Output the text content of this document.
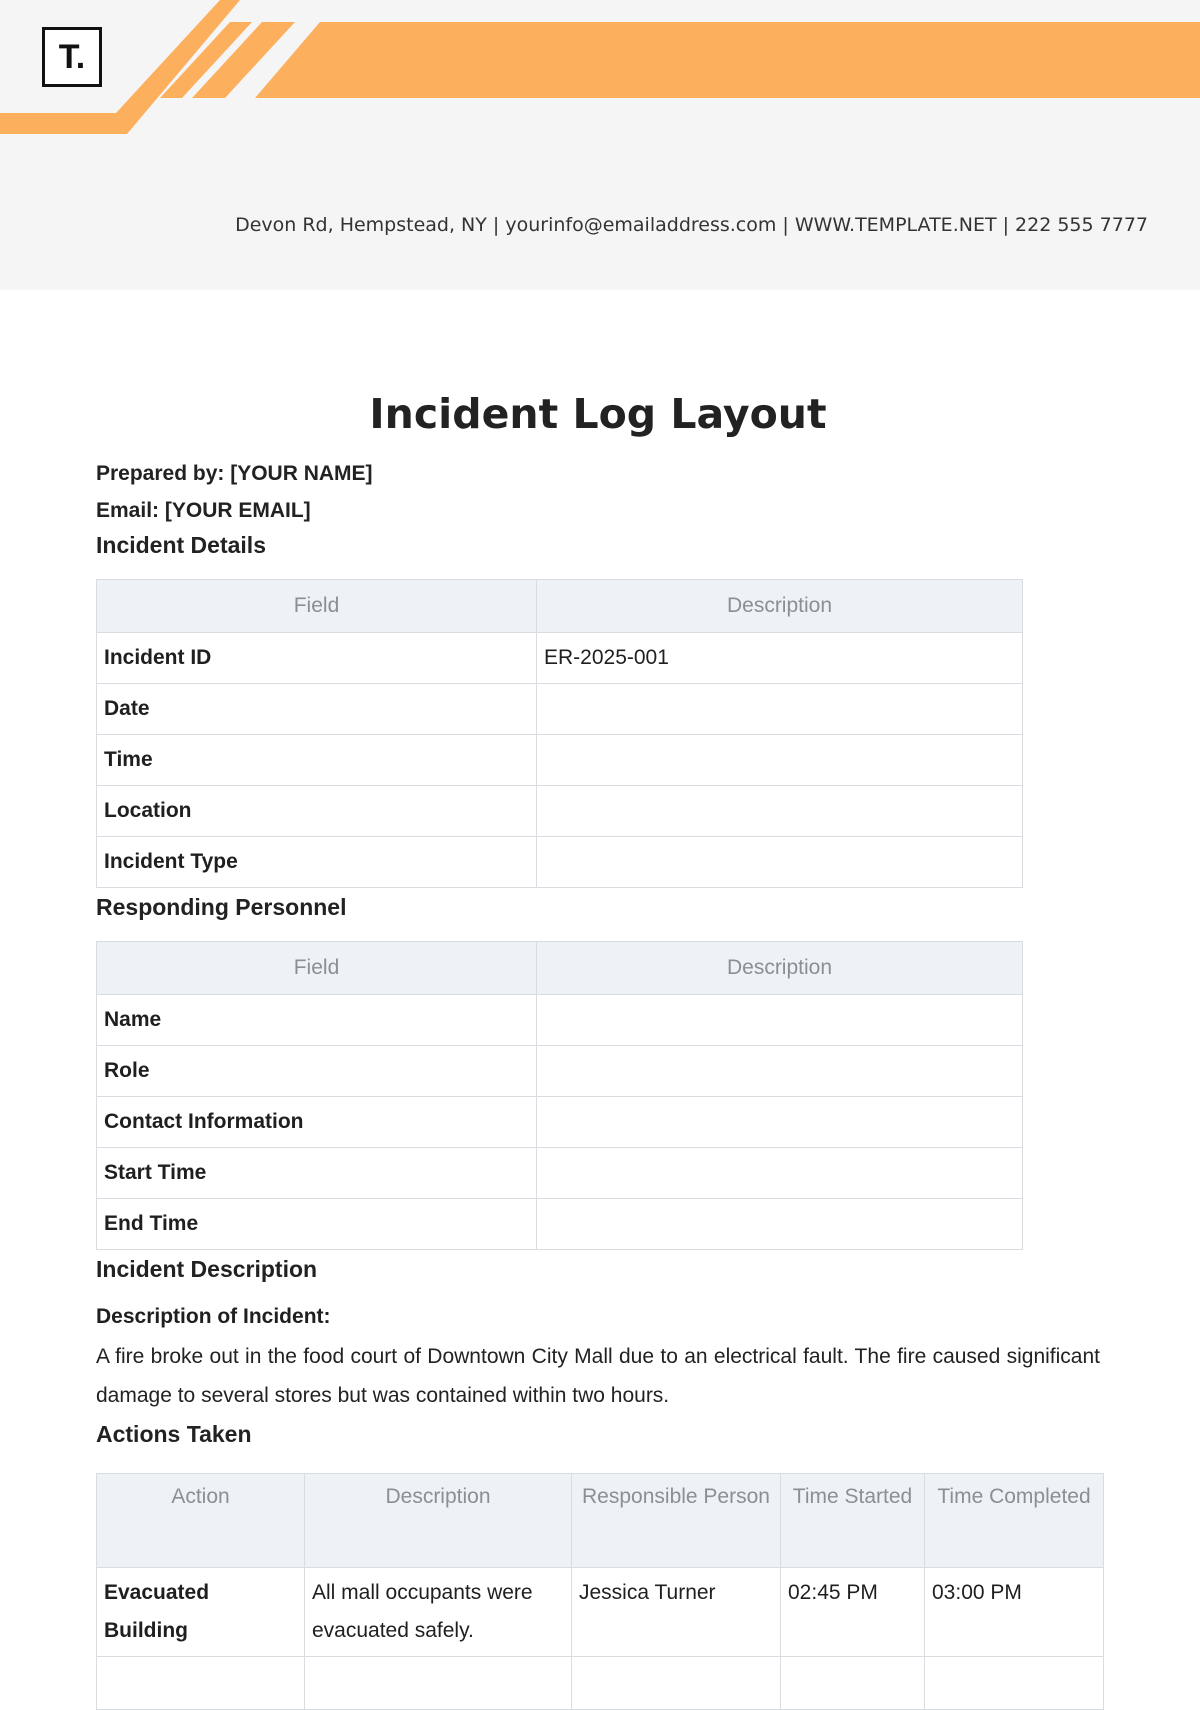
T.
Devon Rd, Hempstead, NY | yourinfo@emailaddress.com | WWW.TEMPLATE.NET | 222 555 7777
Incident Log Layout
Prepared by: [YOUR NAME]
Email: [YOUR EMAIL]
Incident Details
Field	Description
Incident ID	ER-2025-001
Date	
Time	
Location	
Incident Type	
Responding Personnel
Field	Description
Name	
Role	
Contact Information	
Start Time	
End Time	
Incident Description
Description of Incident:

A fire broke out in the food court of Downtown City Mall due to an electrical fault. The fire caused significant damage to several stores but was contained within two hours.

Actions Taken
Action	Description	Responsible Person	Time Started	Time Completed
Evacuated Building	All mall occupants were evacuated safely.	Jessica Turner	02:45 PM	03:00 PM
